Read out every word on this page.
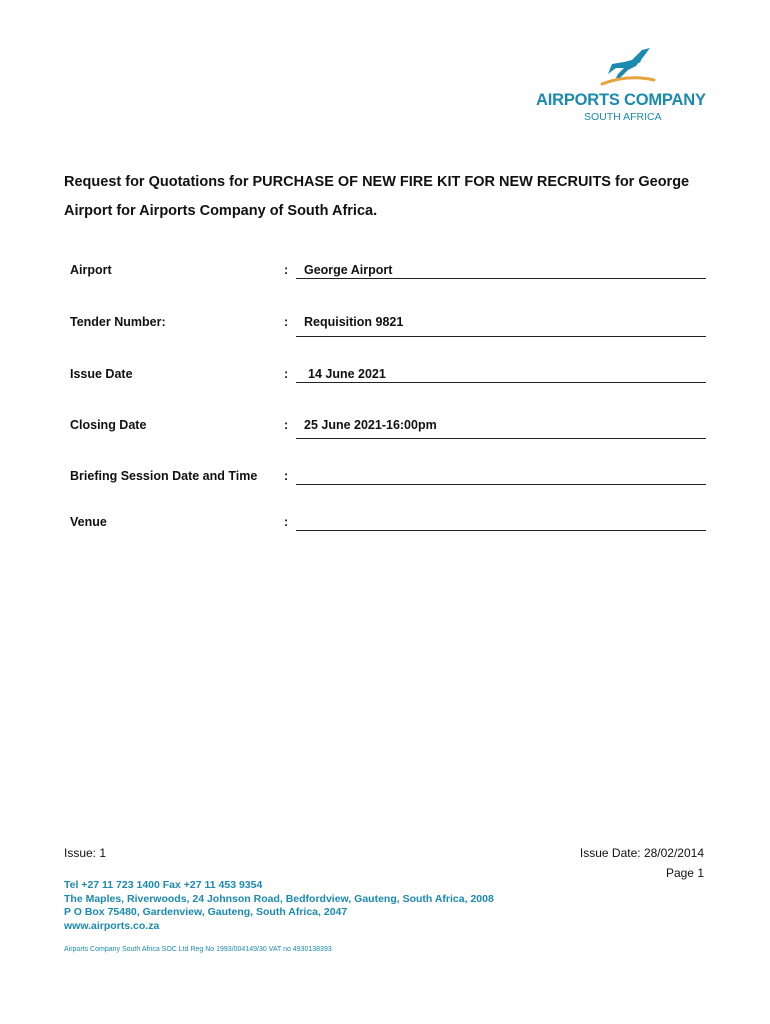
AIRPORTS COMPANY
SOUTH AFRICA
Request for Quotations for PURCHASE OF NEW FIRE KIT FOR NEW RECRUITS for George Airport for Airports Company of South Africa.
Airport	:	George Airport
Tender Number:	:	Requisition 9821
Issue Date	:	14 June 2021
Closing Date	:	25 June 2021-16:00pm
Briefing Session Date and Time :
Venue	:
Issue: 1	Issue Date: 28/02/2014
Page 1
Tel +27 11 723 1400 Fax +27 11 453 9354
The Maples, Riverwoods, 24 Johnson Road, Bedfordview, Gauteng, South Africa, 2008
P O Box 75480, Gardenview, Gauteng, South Africa, 2047
www.airports.co.za
Airports Company South Africa SOC Ltd Reg No 1993/004149/30 VAT no 4930138393
